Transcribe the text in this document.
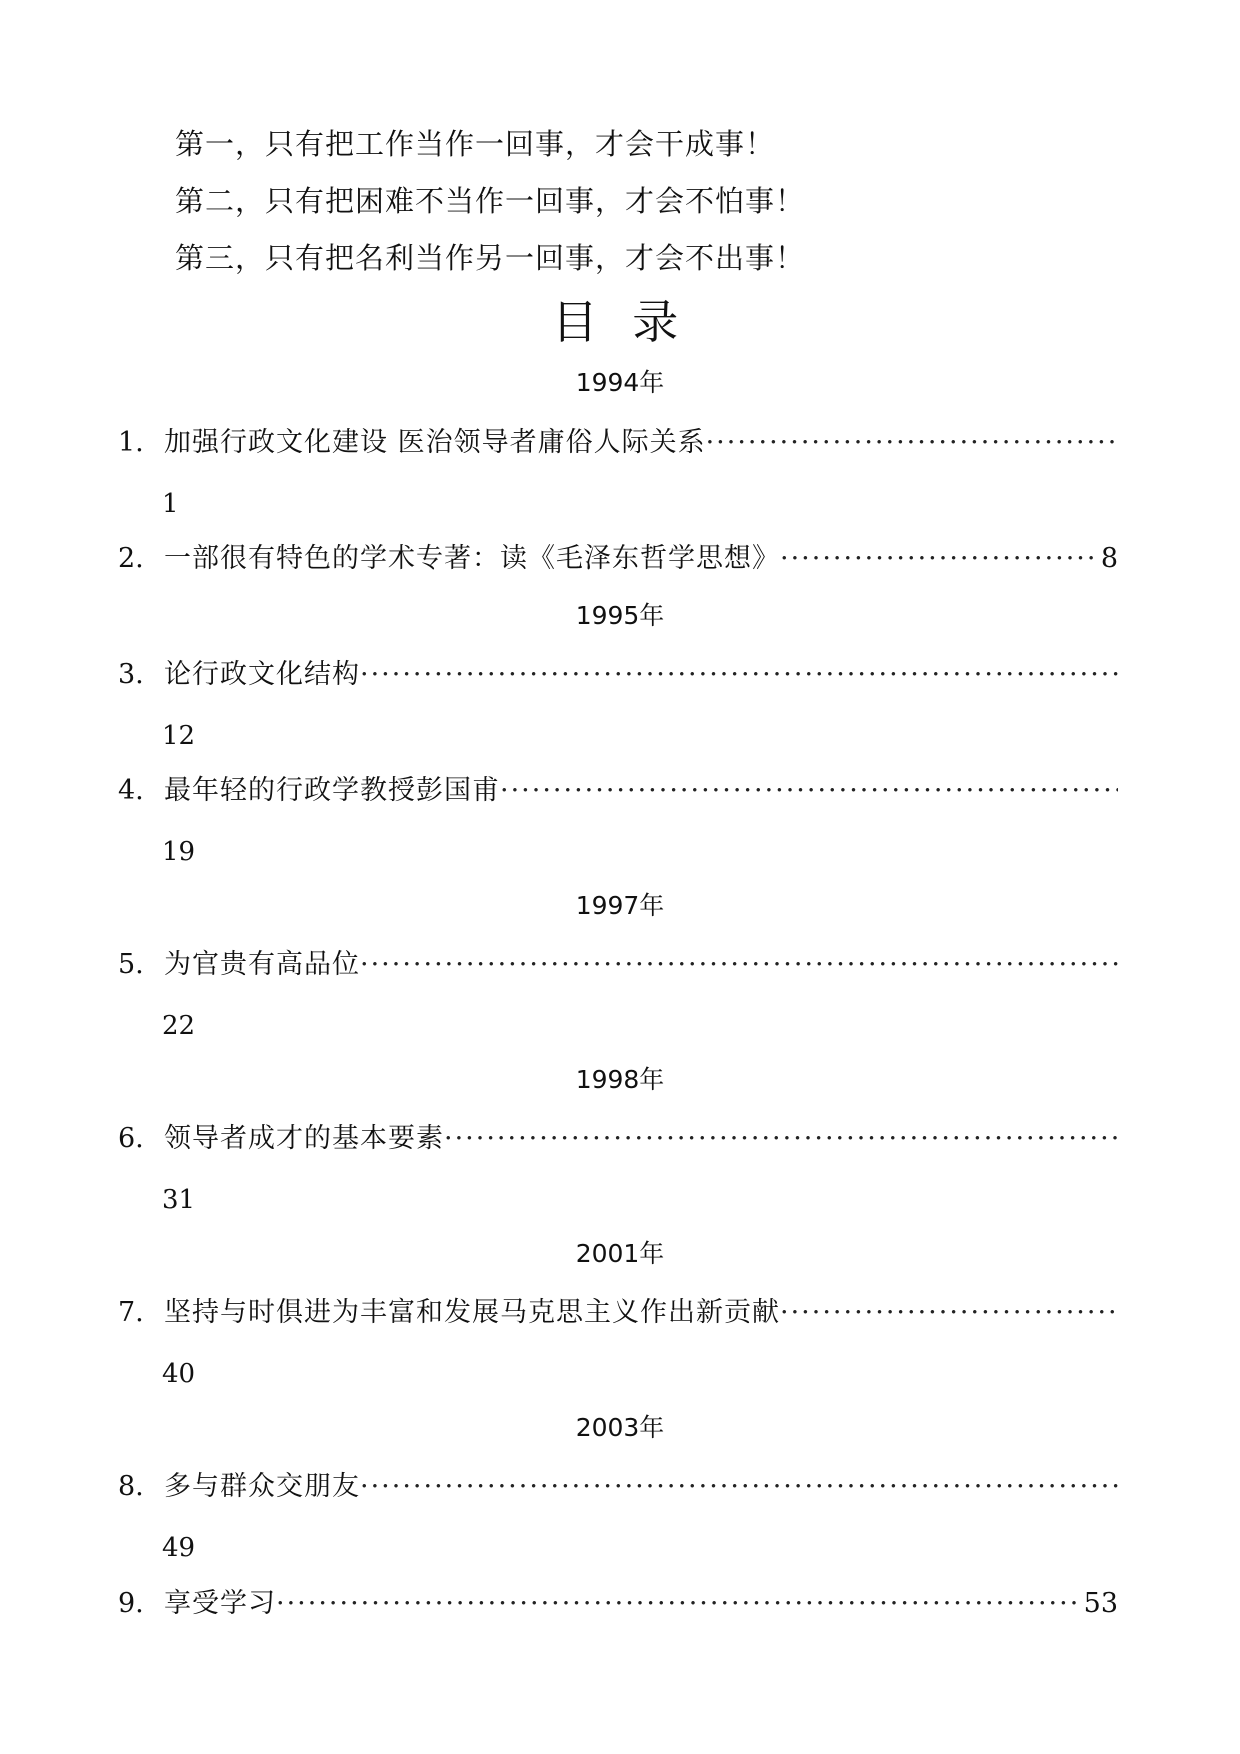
第一，只有把工作当作一回事，才会干成事！
第二，只有把困难不当作一回事，才会不怕事！
第三，只有把名利当作另一回事，才会不出事！
目 录
1994年
1. 加强行政文化建设 医治领导者庸俗人际关系
·····
1
2. 一部很有特色的学术专著：读《毛泽东哲学思想》 ·····	8
1995年
3. 论行政文化结构
·····
12
4. 最年轻的行政学教授彭国甫
·····
19
1997年
5. 为官贵有高品位
·····
22
1998年
6. 领导者成才的基本要素
·····
31
2001年
7. 坚持与时俱进为丰富和发展马克思主义作出新贡献
·····
40
2003年
8. 多与群众交朋友
·····
49
9. 享受学习 ·····	53
